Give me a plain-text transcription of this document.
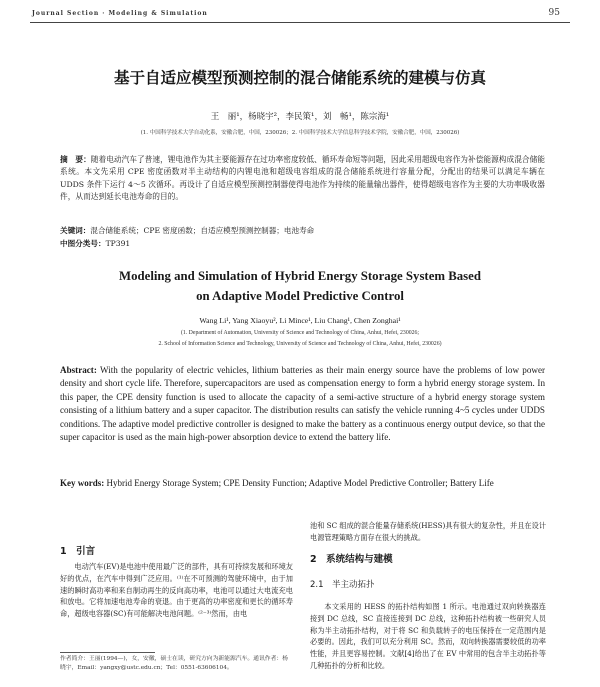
Journal Section · Modeling & Simulation	95
基于自适应模型预测控制的混合储能系统的建模与仿真
王　丽¹，杨晓宇²，李民策¹，刘　畅¹，陈宗海¹
(1. 中国科学技术大学自动化系，安徽合肥，中国，230026；2. 中国科学技术大学信息科学技术学院，安徽合肥，中国，230026)
摘　要：随着电动汽车了普速，锂电池作为其主要能源存在过功率密度较低、循环寿命短等问题，因此采用超级电容作为补偿能源构成混合储能系统。本文先采用 CPE 密度函数对半主动结构的内锂电池和超级电容组成的混合储能系统进行容量分配，分配出的结果可以满足车辆在 UDDS 条件下运行 4～5 次循环。再设计了自适应模型预测控制器使得电池作为持续的能量输出器件，使得超级电容作为主要的大功率吸收器件，从而达到延长电池寿命的目的。
关键词：混合储能系统；CPE 密度函数；自适应模型预测控制器；电池寿命
中图分类号：TP391
Modeling and Simulation of Hybrid Energy Storage System Based
on Adaptive Model Predictive Control
Wang Li¹, Yang Xiaoyu², Li Mince¹, Liu Chang¹, Chen Zonghai¹
(1. Department of Automation, University of Science and Technology of China, Anhui, Hefei, 230026;
2. School of Information Science and Technology, University of Science and Technology of China, Anhui, Hefei, 230026)
Abstract: With the popularity of electric vehicles, lithium batteries as their main energy source have the problems of low power density and short cycle life. Therefore, supercapacitors are used as compensation energy to form a hybrid energy storage system. In this paper, the CPE density function is used to allocate the capacity of a semi-active structure of a hybrid energy storage system consisting of a lithium battery and a super capacitor. The distribution results can satisfy the vehicle running 4~5 cycles under UDDS conditions. The adaptive model predictive controller is designed to make the battery as a continuous energy output device, so that the super capacitor is used as the main high-power absorption device to extend the battery life.
Key words: Hybrid Energy Storage System; CPE Density Function; Adaptive Model Predictive Controller; Battery Life
1　引言
电动汽车(EV)是电池中使用最广泛的部件，具有可持续发展和环境友好的优点，在汽车中得到广泛应用。⁽¹⁾在不可预测的驾驶环境中，由于加速的瞬时高功率和来自制动再生的反向高功率，电池可以通过大电流充电和放电。它将加速电池寿命的衰退。由于更高的功率密度和更长的循环寿命，超级电容器(SC)有可能解决电池问题。⁽²⁻³⁾然而，由电
作者简介：王丽(1994—)，女，安徽，硕士在读，研究方向为新能源汽车。通讯作者：杨晓宇，Email：yangxy@ustc.edu.cn；Tel：0551-63606104。
池和 SC 组成的混合能量存储系统(HESS)具有很大的复杂性，并且在设计电源管理策略方面存在很大的挑战。
2　系统结构与建模
2.1　半主动拓扑
本文采用的 HESS 的拓扑结构如图 1 所示。电池通过双向转换器连接到 DC 总线，SC 直接连接到 DC 总线，这种拓扑结构被一些研究人员称为半主动拓扑结构，对于将 SC 和负载转子的电压保持在一定范围内是必要的。因此，我们可以充分利用 SC。然而，双向转换器需要较低的功率性能，并且更容易控制。文献[4]给出了在 EV 中常用的包含半主动拓扑等几种拓扑的分析和比较。
